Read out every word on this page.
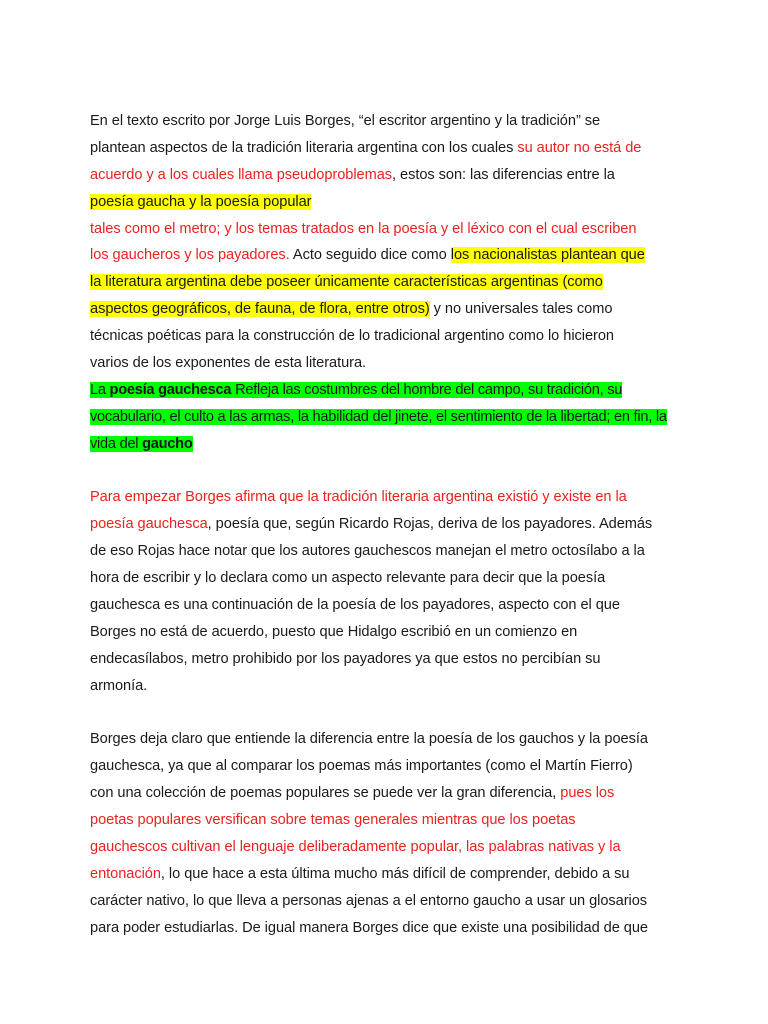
En el texto escrito por Jorge Luis Borges, “el escritor argentino y la tradición” se
plantean aspectos de la tradición literaria argentina con los cuales su autor no está de
acuerdo y a los cuales llama pseudoproblemas, estos son: las diferencias entre la
poesía gaucha y la poesía popular
tales como el metro; y los temas tratados en la poesía y el léxico con el cual escriben
los gaucheros y los payadores. Acto seguido dice como los nacionalistas plantean que
la literatura argentina debe poseer únicamente características argentinas (como
aspectos geográficos, de fauna, de flora, entre otros) y no universales tales como
técnicas poéticas para la construcción de lo tradicional argentino como lo hicieron
varios de los exponentes de esta literatura.
La poesía gauchesca Refleja las costumbres del hombre del campo, su tradición, su
vocabulario, el culto a las armas, la habilidad del jinete, el sentimiento de la libertad; en fin, la
vida del gaucho
Para empezar Borges afirma que la tradición literaria argentina existió y existe en la
poesía gauchesca, poesía que, según Ricardo Rojas, deriva de los payadores. Además
de eso Rojas hace notar que los autores gauchescos manejan el metro octosílabo a la
hora de escribir y lo declara como un aspecto relevante para decir que la poesía
gauchesca es una continuación de la poesía de los payadores, aspecto con el que
Borges no está de acuerdo, puesto que Hidalgo escribió en un comienzo en
endecasílabos, metro prohibido por los payadores ya que estos no percibían su
armonía.
Borges deja claro que entiende la diferencia entre la poesía de los gauchos y la poesía
gauchesca, ya que al comparar los poemas más importantes (como el Martín Fierro)
con una colección de poemas populares se puede ver la gran diferencia, pues los
poetas populares versifican sobre temas generales mientras que los poetas
gauchescos cultivan el lenguaje deliberadamente popular, las palabras nativas y la
entonación, lo que hace a esta última mucho más difícil de comprender, debido a su
carácter nativo, lo que lleva a personas ajenas a el entorno gaucho a usar un glosarios
para poder estudiarlas. De igual manera Borges dice que existe una posibilidad de que
